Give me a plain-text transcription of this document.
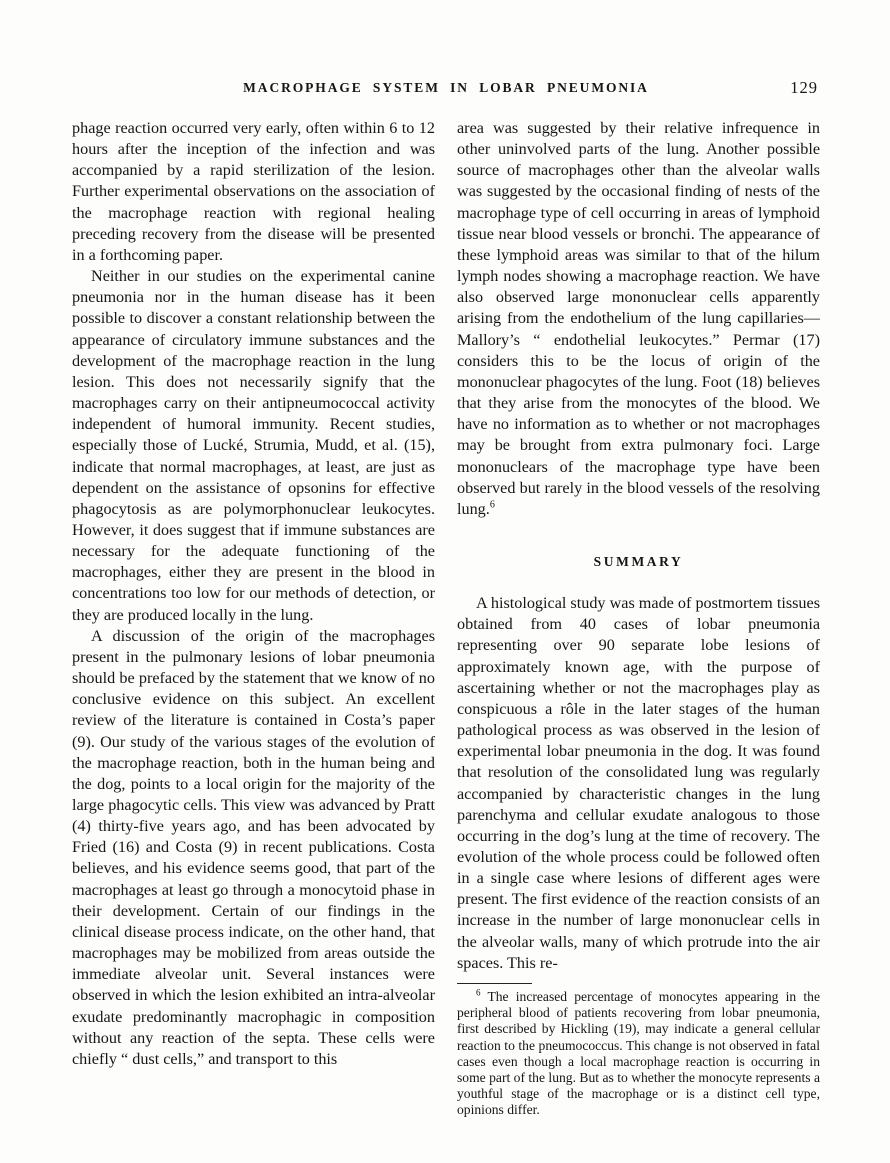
MACROPHAGE SYSTEM IN LOBAR PNEUMONIA	129

phage reaction occurred very early, often within 6 to 12 hours after the inception of the infection and was accompanied by a rapid sterilization of the lesion. Further experimental observations on the association of the macrophage reaction with regional healing preceding recovery from the disease will be presented in a forthcoming paper.

Neither in our studies on the experimental canine pneumonia nor in the human disease has it been possible to discover a constant relationship between the appearance of circulatory immune substances and the development of the macrophage reaction in the lung lesion. This does not necessarily signify that the macrophages carry on their antipneumococcal activity independent of humoral immunity. Recent studies, especially those of Lucké, Strumia, Mudd, et al. (15), indicate that normal macrophages, at least, are just as dependent on the assistance of opsonins for effective phagocytosis as are polymorphonuclear leukocytes. However, it does suggest that if immune substances are necessary for the adequate functioning of the macrophages, either they are present in the blood in concentrations too low for our methods of detection, or they are produced locally in the lung.

A discussion of the origin of the macrophages present in the pulmonary lesions of lobar pneumonia should be prefaced by the statement that we know of no conclusive evidence on this subject. An excellent review of the literature is contained in Costa’s paper (9). Our study of the various stages of the evolution of the macrophage reaction, both in the human being and the dog, points to a local origin for the majority of the large phagocytic cells. This view was advanced by Pratt (4) thirty-five years ago, and has been advocated by Fried (16) and Costa (9) in recent publications. Costa believes, and his evidence seems good, that part of the macrophages at least go through a monocytoid phase in their development. Certain of our findings in the clinical disease process indicate, on the other hand, that macrophages may be mobilized from areas outside the immediate alveolar unit. Several instances were observed in which the lesion exhibited an intra-alveolar exudate predominantly macrophagic in composition without any reaction of the septa. These cells were chiefly “ dust cells,” and transport to this

area was suggested by their relative infrequence in other uninvolved parts of the lung. Another possible source of macrophages other than the alveolar walls was suggested by the occasional finding of nests of the macrophage type of cell occurring in areas of lymphoid tissue near blood vessels or bronchi. The appearance of these lymphoid areas was similar to that of the hilum lymph nodes showing a macrophage reaction. We have also observed large mononuclear cells apparently arising from the endothelium of the lung capillaries—Mallory’s “ endothelial leukocytes.” Permar (17) considers this to be the locus of origin of the mononuclear phagocytes of the lung. Foot (18) believes that they arise from the monocytes of the blood. We have no information as to whether or not macrophages may be brought from extra pulmonary foci. Large mononuclears of the macrophage type have been observed but rarely in the blood vessels of the resolving lung.$^6$

SUMMARY

A histological study was made of postmortem tissues obtained from 40 cases of lobar pneumonia representing over 90 separate lobe lesions of approximately known age, with the purpose of ascertaining whether or not the macrophages play as conspicuous a rôle in the later stages of the human pathological process as was observed in the lesion of experimental lobar pneumonia in the dog. It was found that resolution of the consolidated lung was regularly accompanied by characteristic changes in the lung parenchyma and cellular exudate analogous to those occurring in the dog’s lung at the time of recovery. The evolution of the whole process could be followed often in a single case where lesions of different ages were present. The first evidence of the reaction consists of an increase in the number of large mononuclear cells in the alveolar walls, many of which protrude into the air spaces. This re-

$^6$ The increased percentage of monocytes appearing in the peripheral blood of patients recovering from lobar pneumonia, first described by Hickling (19), may indicate a general cellular reaction to the pneumococcus. This change is not observed in fatal cases even though a local macrophage reaction is occurring in some part of the lung. But as to whether the monocyte represents a youthful stage of the macrophage or is a distinct cell type, opinions differ.
